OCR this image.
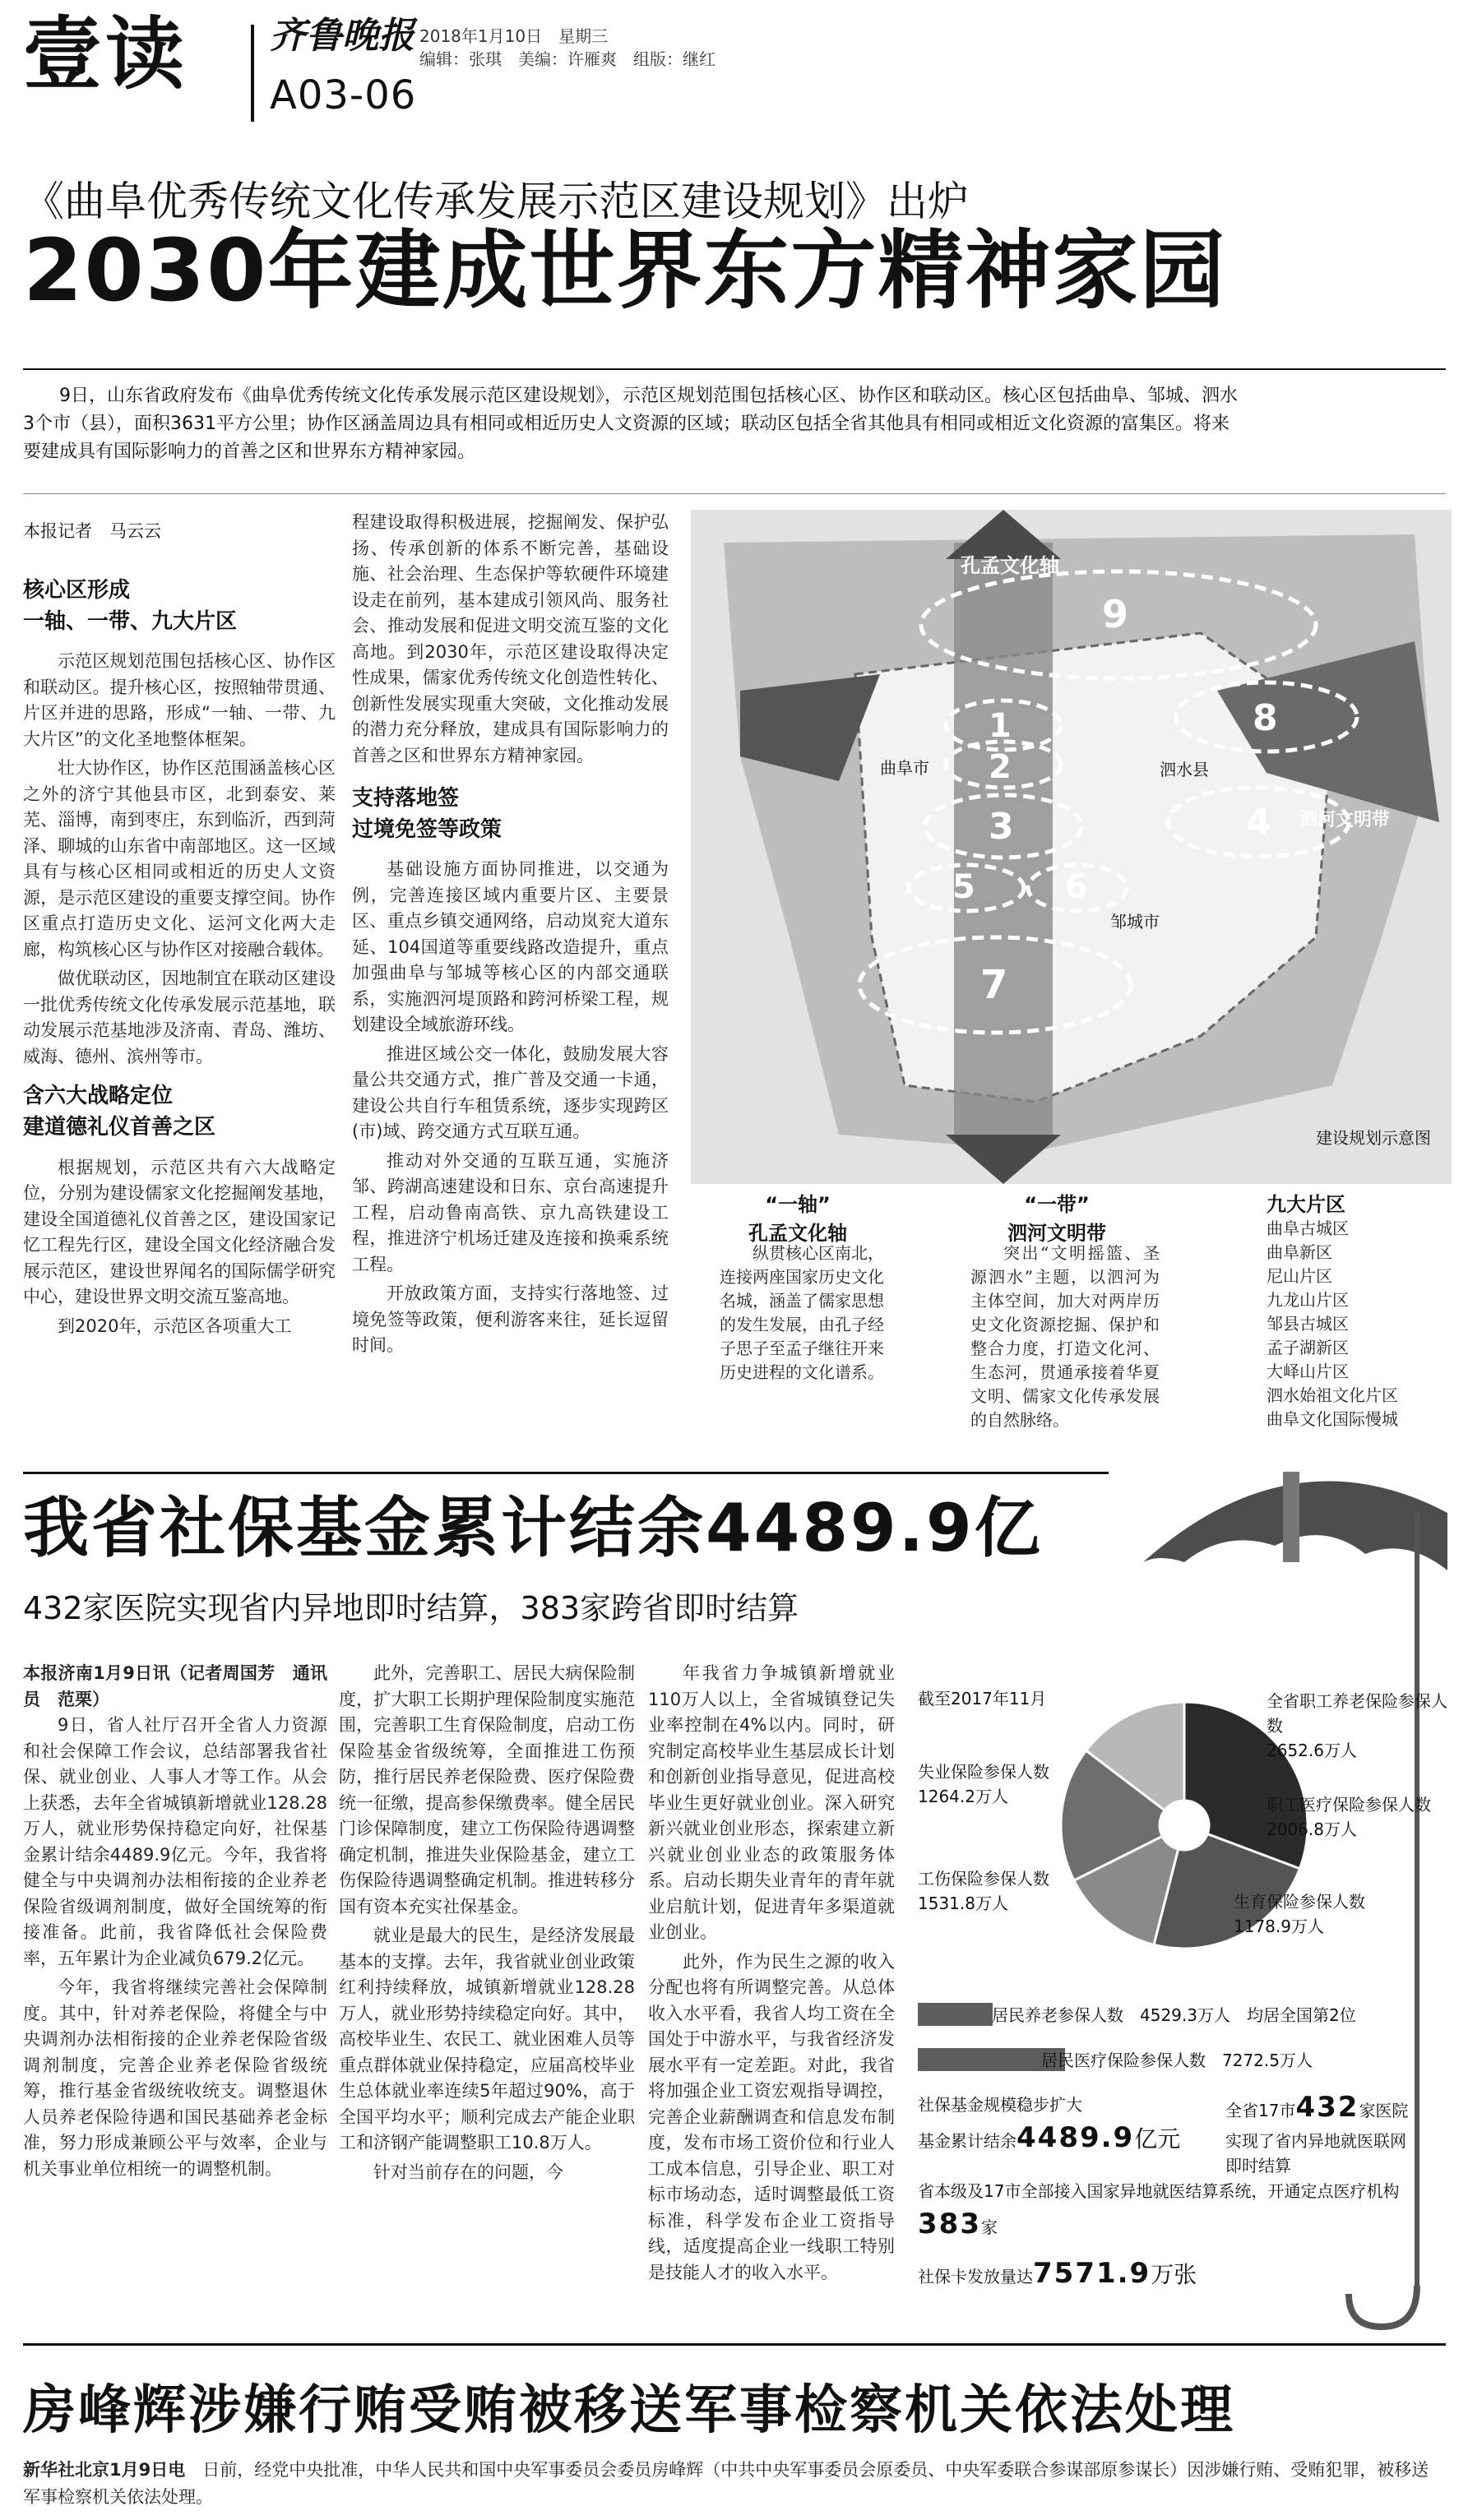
壹读 齐鲁晚报 2018年1月10日　星期三
编辑：张琪　美编：许雁爽　组版：继红
A03-06
《曲阜优秀传统文化传承发展示范区建设规划》出炉
2030年建成世界东方精神家园
9日，山东省政府发布《曲阜优秀传统文化传承发展示范区建设规划》，示范区规划范围包括核心区、协作区和联动区。核心区包括曲阜、邹城、泗水3个市（县），面积3631平方公里；协作区涵盖周边具有相同或相近历史人文资源的区域；联动区包括全省其他具有相同或相近文化资源的富集区。将来要建成具有国际影响力的首善之区和世界东方精神家园。
本报记者　马云云
核心区形成
一轴、一带、九大片区

示范区规划范围包括核心区、协作区和联动区。提升核心区，按照轴带贯通、片区并进的思路，形成“一轴、一带、九大片区”的文化圣地整体框架。

壮大协作区，协作区范围涵盖核心区之外的济宁其他县市区，北到泰安、莱芜、淄博，南到枣庄，东到临沂，西到菏泽、聊城的山东省中南部地区。这一区域具有与核心区相同或相近的历史人文资源，是示范区建设的重要支撑空间。协作区重点打造历史文化、运河文化两大走廊，构筑核心区与协作区对接融合载体。

做优联动区，因地制宜在联动区建设一批优秀传统文化传承发展示范基地，联动发展示范基地涉及济南、青岛、潍坊、威海、德州、滨州等市。

含六大战略定位
建道德礼仪首善之区

根据规划，示范区共有六大战略定位，分别为建设儒家文化挖掘阐发基地，建设全国道德礼仪首善之区，建设国家记忆工程先行区，建设全国文化经济融合发展示范区，建设世界闻名的国际儒学研究中心，建设世界文明交流互鉴高地。

到2020年，示范区各项重大工

程建设取得积极进展，挖掘阐发、保护弘扬、传承创新的体系不断完善，基础设施、社会治理、生态保护等软硬件环境建设走在前列，基本建成引领风尚、服务社会、推动发展和促进文明交流互鉴的文化高地。到2030年，示范区建设取得决定性成果，儒家优秀传统文化创造性转化、创新性发展实现重大突破，文化推动发展的潜力充分释放，建成具有国际影响力的首善之区和世界东方精神家园。

支持落地签
过境免签等政策

基础设施方面协同推进，以交通为例，完善连接区域内重要片区、主要景区、重点乡镇交通网络，启动岚兖大道东延、104国道等重要线路改造提升，重点加强曲阜与邹城等核心区的内部交通联系，实施泗河堤顶路和跨河桥梁工程，规划建设全域旅游环线。

推进区域公交一体化，鼓励发展大容量公共交通方式，推广普及交通一卡通，建设公共自行车租赁系统，逐步实现跨区(市)域、跨交通方式互联互通。

推动对外交通的互联互通，实施济邹、跨湖高速建设和日东、京台高速提升工程，启动鲁南高铁、京九高铁建设工程，推进济宁机场迁建及连接和换乘系统工程。

开放政策方面，支持实行落地签、过境免签等政策，便利游客来往，延长逗留时间。

孔孟文化轴
泗河文明带
曲阜市	泗水县
邹城市
9
1
2
3	4
5	6
7
8
建设规划示意图
“一轴”
孔孟文化轴
纵贯核心区南北，连接两座国家历史文化名城，涵盖了儒家思想的发生发展，由孔子经子思子至孟子继往开来历史进程的文化谱系。
“一带”
泗河文明带
突出“文明摇篮、圣源泗水”主题，以泗河为主体空间，加大对两岸历史文化资源挖掘、保护和整合力度，打造文化河、生态河，贯通承接着华夏文明、儒家文化传承发展的自然脉络。
九大片区
曲阜古城区
曲阜新区
尼山片区
九龙山片区
邹县古城区
孟子湖新区
大峄山片区
泗水始祖文化片区
曲阜文化国际慢城
我省社保基金累计结余4489.9亿
432家医院实现省内异地即时结算，383家跨省即时结算
本报济南1月9日讯（记者周国芳　通讯员　范栗）

9日，省人社厅召开全省人力资源和社会保障工作会议，总结部署我省社保、就业创业、人事人才等工作。从会上获悉，去年全省城镇新增就业128.28万人，就业形势保持稳定向好，社保基金累计结余4489.9亿元。今年，我省将健全与中央调剂办法相衔接的企业养老保险省级调剂制度，做好全国统筹的衔接准备。此前，我省降低社会保险费率，五年累计为企业减负679.2亿元。

今年，我省将继续完善社会保障制度。其中，针对养老保险，将健全与中央调剂办法相衔接的企业养老保险省级调剂制度，完善企业养老保险省级统筹，推行基金省级统收统支。调整退休人员养老保险待遇和国民基础养老金标准，努力形成兼顾公平与效率，企业与机关事业单位相统一的调整机制。

此外，完善职工、居民大病保险制度，扩大职工长期护理保险制度实施范围，完善职工生育保险制度，启动工伤保险基金省级统筹，全面推进工伤预防，推行居民养老保险费、医疗保险费统一征缴，提高参保缴费率。健全居民门诊保障制度，建立工伤保险待遇调整确定机制，推进失业保险基金，建立工伤保险待遇调整确定机制。推进转移分国有资本充实社保基金。

就业是最大的民生，是经济发展最基本的支撑。去年，我省就业创业政策红利持续释放，城镇新增就业128.28万人，就业形势持续稳定向好。其中，高校毕业生、农民工、就业困难人员等重点群体就业保持稳定，应届高校毕业生总体就业率连续5年超过90%，高于全国平均水平；顺利完成去产能企业职工和济钢产能调整职工10.8万人。

针对当前存在的问题，今

年我省力争城镇新增就业110万人以上，全省城镇登记失业率控制在4%以内。同时，研究制定高校毕业生基层成长计划和创新创业指导意见，促进高校毕业生更好就业创业。深入研究新兴就业创业形态，探索建立新兴就业创业业态的政策服务体系。启动长期失业青年的青年就业启航计划，促进青年多渠道就业创业。

此外，作为民生之源的收入分配也将有所调整完善。从总体收入水平看，我省人均工资在全国处于中游水平，与我省经济发展水平有一定差距。对此，我省将加强企业工资宏观指导调控，完善企业薪酬调查和信息发布制度，发布市场工资价位和行业人工成本信息，引导企业、职工对标市场动态，适时调整最低工资标准，科学发布企业工资指导线，适度提高企业一线职工特别是技能人才的收入水平。

截至2017年11月	全省职工养老保险参保人数
2652.6万人
职工医疗保险参保人数
2006.8万人
生育保险参保人数
1178.9万人
工伤保险参保人数
1531.8万人
失业保险参保人数
1264.2万人
居民养老参保人数　 4529.3万人　 均居全国第2位
居民医疗保险参保人数　 7272.5万人
社保基金规模稳步扩大
基金累计结余4489.9亿元
全省17市432家医院实现了省内异地就医联网即时结算
省本级及17市全部接入国家异地就医结算系统，开通定点医疗机构383家
社保卡发放量达7571.9万张
房峰辉涉嫌行贿受贿被移送军事检察机关依法处理
新华社北京1月9日电　 日前，经党中央批准，中华人民共和国中央军事委员会委员房峰辉（中共中央军事委员会原委员、中央军委联合参谋部原参谋长）因涉嫌行贿、受贿犯罪，被移送军事检察机关依法处理。
